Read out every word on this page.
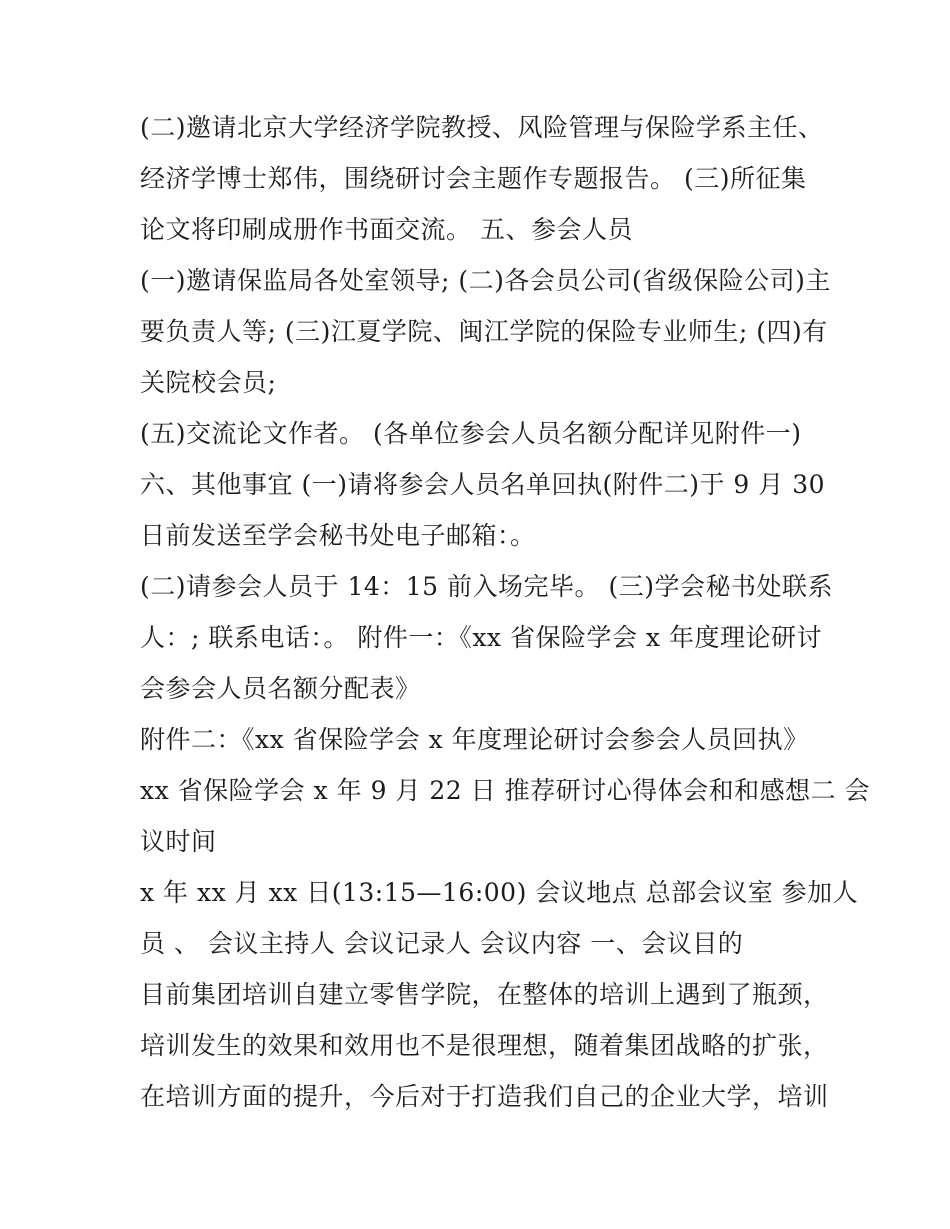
(二)邀请北京大学经济学院教授、风险管理与保险学系主任、
经济学博士郑伟，围绕研讨会主题作专题报告。 (三)所征集
论文将印刷成册作书面交流。 五、参会人员
(一)邀请保监局各处室领导; (二)各会员公司(省级保险公司)主
要负责人等; (三)江夏学院、闽江学院的保险专业师生; (四)有
关院校会员;
(五)交流论文作者。 (各单位参会人员名额分配详见附件一)
六、其他事宜 (一)请将参会人员名单回执(附件二)于 9 月 30
日前发送至学会秘书处电子邮箱：。
(二)请参会人员于 14：15 前入场完毕。 (三)学会秘书处联系
人：; 联系电话：。 附件一：《xx 省保险学会 x 年度理论研讨
会参会人员名额分配表》
附件二：《xx 省保险学会 x 年度理论研讨会参会人员回执》
xx 省保险学会 x 年 9 月 22 日 推荐研讨心得体会和和感想二 会
议时间
x 年 xx 月 xx 日(13:15—16:00) 会议地点 总部会议室 参加人
员 、 会议主持人 会议记录人 会议内容 一、会议目的
目前集团培训自建立零售学院，在整体的培训上遇到了瓶颈，
培训发生的效果和效用也不是很理想，随着集团战略的扩张，
在培训方面的提升，今后对于打造我们自己的企业大学，培训
